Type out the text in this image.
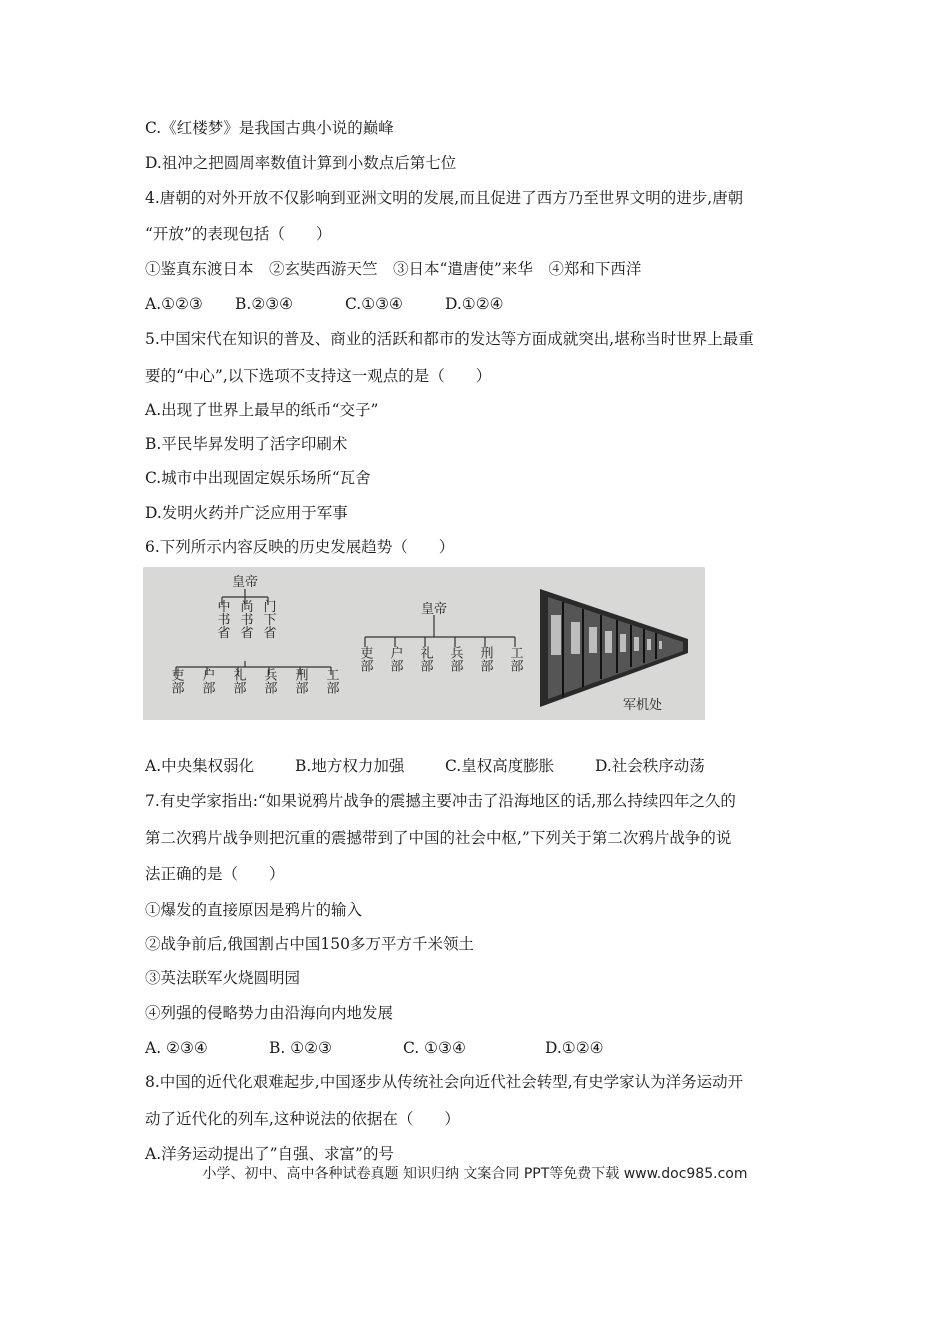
C.《红楼梦》是我国古典小说的巅峰
D.祖冲之把圆周率数值计算到小数点后第七位
4.唐朝的对外开放不仅影响到亚洲文明的发展,而且促进了西方乃至世界文明的进步,唐朝
“开放”的表现包括（　　）
①鉴真东渡日本　②玄奘西游天竺　③日本“遣唐使”来华　④郑和下西洋
A.①②③ B.②③④	C.①③④	D.①②④
5.中国宋代在知识的普及、商业的活跃和都市的发达等方面成就突出,堪称当时世界上最重
要的“中心”,以下选项不支持这一观点的是（　　）
A.出现了世界上最早的纸币“交子”
B.平民毕昇发明了活字印刷术
C.城市中出现固定娱乐场所“瓦舍
D.发明火药并广泛应用于军事
6.下列所示内容反映的历史发展趋势（　　）
皇帝
中书省 尚书省 门下省
吏部 户部 礼部 兵部 刑部 工部
皇帝
吏部 户部 礼部 兵部 刑部 工部
军机处
A.中央集权弱化	B.地方权力加强	C.皇权高度膨胀	D.社会秩序动荡
7.有史学家指出:“如果说鸦片战争的震撼主要冲击了沿海地区的话,那么持续四年之久的
第二次鸦片战争则把沉重的震撼带到了中国的社会中枢,”下列关于第二次鸦片战争的说
法正确的是（　　）
①爆发的直接原因是鸦片的输入
②战争前后,俄国割占中国150多万平方千米领土
③英法联军火烧圆明园
④列强的侵略势力由沿海向内地发展
A. ②③④	B. ①②③	C. ①③④	D.①②④
8.中国的近代化艰难起步,中国逐步从传统社会向近代社会转型,有史学家认为洋务运动开
动了近代化的列车,这种说法的依据在（　　）
A.洋务运动提出了”自强、求富”的号
小学、初中、高中各种试卷真题 知识归纳 文案合同 PPT等免费下载 www.doc985.com
